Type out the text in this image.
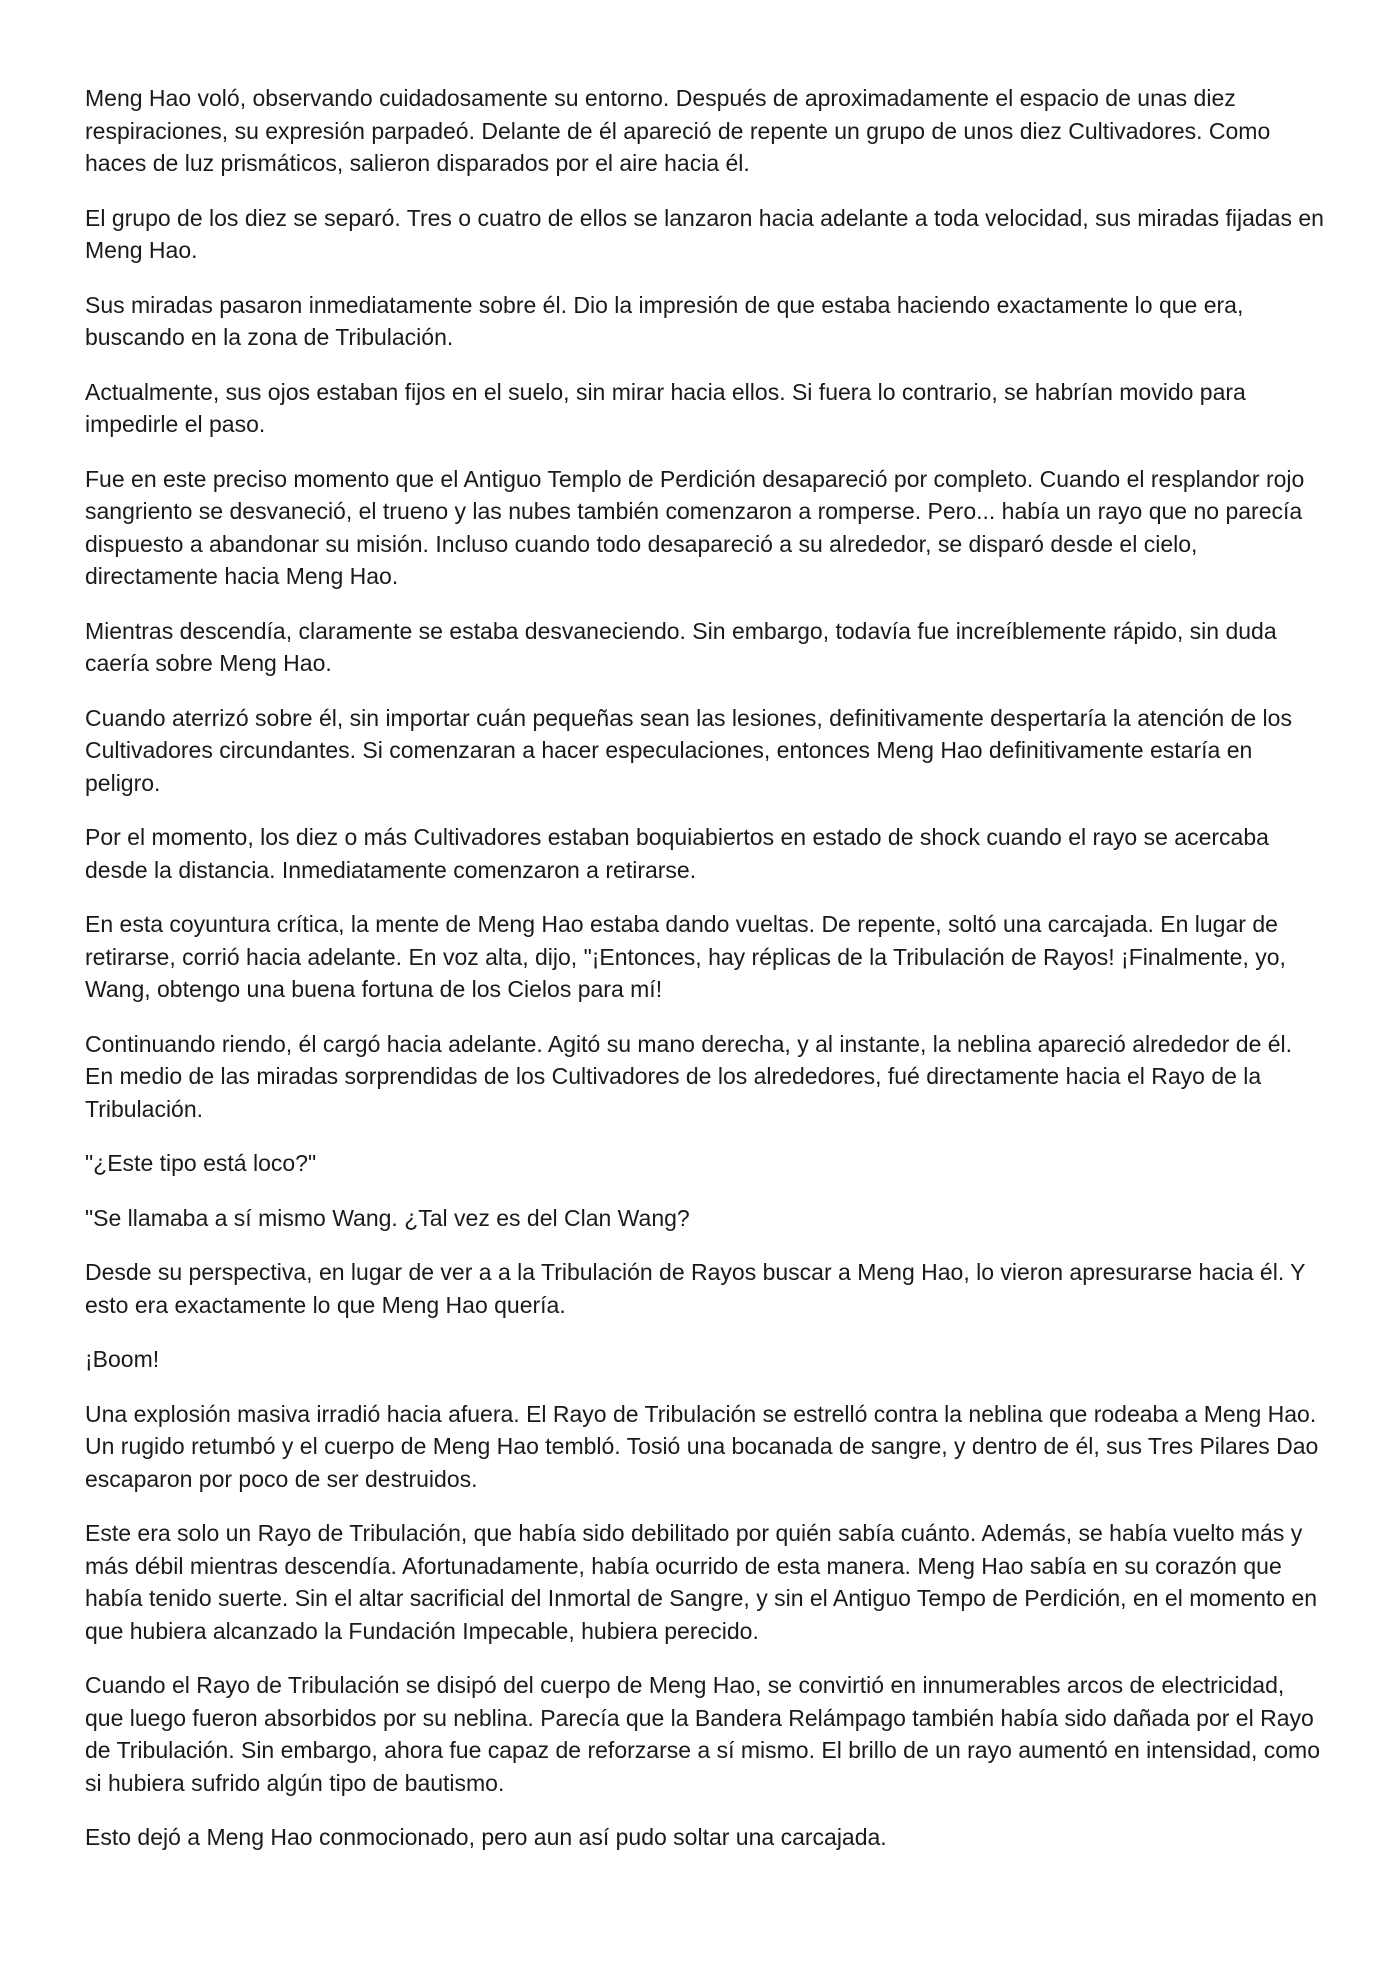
Meng Hao voló, observando cuidadosamente su entorno. Después de aproximadamente el espacio de unas diez respiraciones, su expresión parpadeó. Delante de él apareció de repente un grupo de unos diez Cultivadores. Como haces de luz prismáticos, salieron disparados por el aire hacia él.

El grupo de los diez se separó. Tres o cuatro de ellos se lanzaron hacia adelante a toda velocidad, sus miradas fijadas en Meng Hao.

Sus miradas pasaron inmediatamente sobre él. Dio la impresión de que estaba haciendo exactamente lo que era, buscando en la zona de Tribulación.

Actualmente, sus ojos estaban fijos en el suelo, sin mirar hacia ellos. Si fuera lo contrario, se habrían movido para impedirle el paso.

Fue en este preciso momento que el Antiguo Templo de Perdición desapareció por completo. Cuando el resplandor rojo sangriento se desvaneció, el trueno y las nubes también comenzaron a romperse. Pero... había un rayo que no parecía dispuesto a abandonar su misión. Incluso cuando todo desapareció a su alrededor, se disparó desde el cielo, directamente hacia Meng Hao.

Mientras descendía, claramente se estaba desvaneciendo. Sin embargo, todavía fue increíblemente rápido, sin duda caería sobre Meng Hao.

Cuando aterrizó sobre él, sin importar cuán pequeñas sean las lesiones, definitivamente despertaría la atención de los Cultivadores circundantes. Si comenzaran a hacer especulaciones, entonces Meng Hao definitivamente estaría en peligro.

Por el momento, los diez o más Cultivadores estaban boquiabiertos en estado de shock cuando el rayo se acercaba desde la distancia. Inmediatamente comenzaron a retirarse.

En esta coyuntura crítica, la mente de Meng Hao estaba dando vueltas. De repente, soltó una carcajada. En lugar de retirarse, corrió hacia adelante. En voz alta, dijo, "¡Entonces, hay réplicas de la Tribulación de Rayos! ¡Finalmente, yo, Wang, obtengo una buena fortuna de los Cielos para mí!

Continuando riendo, él cargó hacia adelante. Agitó su mano derecha, y al instante, la neblina apareció alrededor de él. En medio de las miradas sorprendidas de los Cultivadores de los alrededores, fué directamente hacia el Rayo de la Tribulación.

"¿Este tipo está loco?"

"Se llamaba a sí mismo Wang. ¿Tal vez es del Clan Wang?

Desde su perspectiva, en lugar de ver a a la Tribulación de Rayos buscar a Meng Hao, lo vieron apresurarse hacia él. Y esto era exactamente lo que Meng Hao quería.

¡Boom!

Una explosión masiva irradió hacia afuera. El Rayo de Tribulación se estrelló contra la neblina que rodeaba a Meng Hao. Un rugido retumbó y el cuerpo de Meng Hao tembló. Tosió una bocanada de sangre, y dentro de él, sus Tres Pilares Dao escaparon por poco de ser destruidos.

Este era solo un Rayo de Tribulación, que había sido debilitado por quién sabía cuánto. Además, se había vuelto más y más débil mientras descendía. Afortunadamente, había ocurrido de esta manera. Meng Hao sabía en su corazón que había tenido suerte. Sin el altar sacrificial del Inmortal de Sangre, y sin el Antiguo Tempo de Perdición, en el momento en que hubiera alcanzado la Fundación Impecable, hubiera perecido.

Cuando el Rayo de Tribulación se disipó del cuerpo de Meng Hao, se convirtió en innumerables arcos de electricidad, que luego fueron absorbidos por su neblina. Parecía que la Bandera Relámpago también había sido dañada por el Rayo de Tribulación. Sin embargo, ahora fue capaz de reforzarse a sí mismo. El brillo de un rayo aumentó en intensidad, como si hubiera sufrido algún tipo de bautismo.

Esto dejó a Meng Hao conmocionado, pero aun así pudo soltar una carcajada.
